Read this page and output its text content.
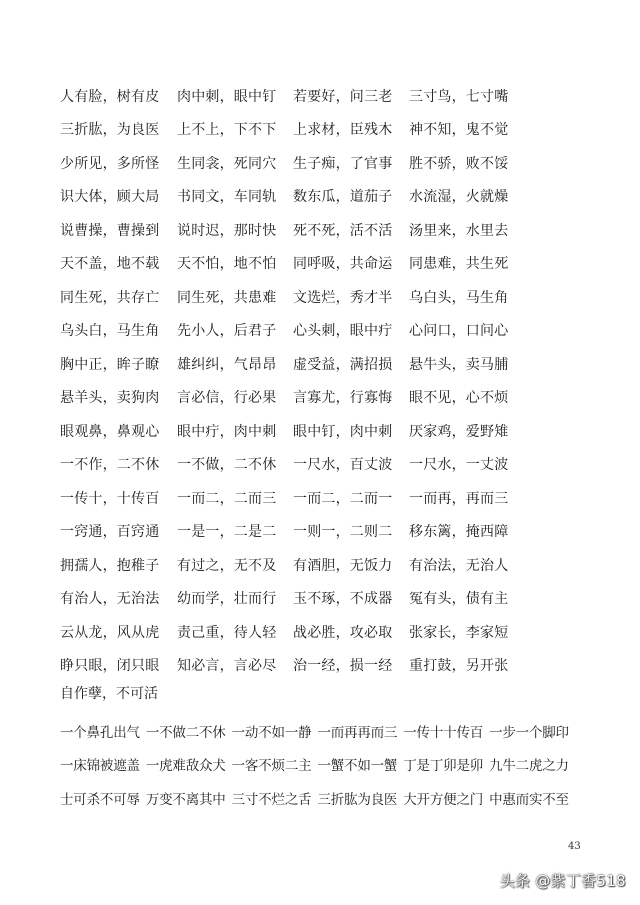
人有脸，树有皮	肉中刺，眼中钉	若要好，问三老	三寸鸟，七寸嘴
三折肱，为良医	上不上，下不下	上求材，臣残木	神不知，鬼不觉
少所见，多所怪	生同衾，死同穴	生子痴，了官事	胜不骄，败不馁
识大体，顾大局	书同文，车同轨	数东瓜，道茄子	水流湿，火就燥
说曹操，曹操到	说时迟，那时快	死不死，活不活	汤里来，水里去
天不盖，地不载	天不怕，地不怕	同呼吸，共命运	同患难，共生死
同生死，共存亡	同生死，共患难	文选烂，秀才半	乌白头，马生角
乌头白，马生角	先小人，后君子	心头刺，眼中疔	心问口，口问心
胸中正，眸子瞭	雄纠纠，气昂昂	虚受益，满招损	悬牛头，卖马脯
悬羊头，卖狗肉	言必信，行必果	言寡尤，行寡悔	眼不见，心不烦
眼观鼻，鼻观心	眼中疔，肉中刺	眼中钉，肉中刺	厌家鸡，爱野雉
一不作，二不休	一不做，二不休	一尺水，百丈波	一尺水，一丈波
一传十，十传百	一而二，二而三	一而二，二而一	一而再，再而三
一窍通，百窍通	一是一，二是二	一则一，二则二	移东篱，掩西障
拥孺人，抱稚子	有过之，无不及	有酒胆，无饭力	有治法，无治人
有治人，无治法	幼而学，壮而行	玉不琢，不成器	冤有头，债有主
云从龙，风从虎	责己重，待人轻	战必胜，攻必取	张家长，李家短
睁只眼，闭只眼	知必言，言必尽	治一经，损一经	重打鼓，另开张
自作孽，不可活
一个鼻孔出气 一不做二不休 一动不如一静 一而再再而三 一传十十传百 一步一个脚印
一床锦被遮盖 一虎难敌众犬 一客不烦二主 一蟹不如一蟹 丁是丁卯是卯 九牛二虎之力
士可杀不可辱 万变不离其中 三寸不烂之舌 三折肱为良医 大开方便之门 中惠而实不至
43
头条 @紫丁香518
